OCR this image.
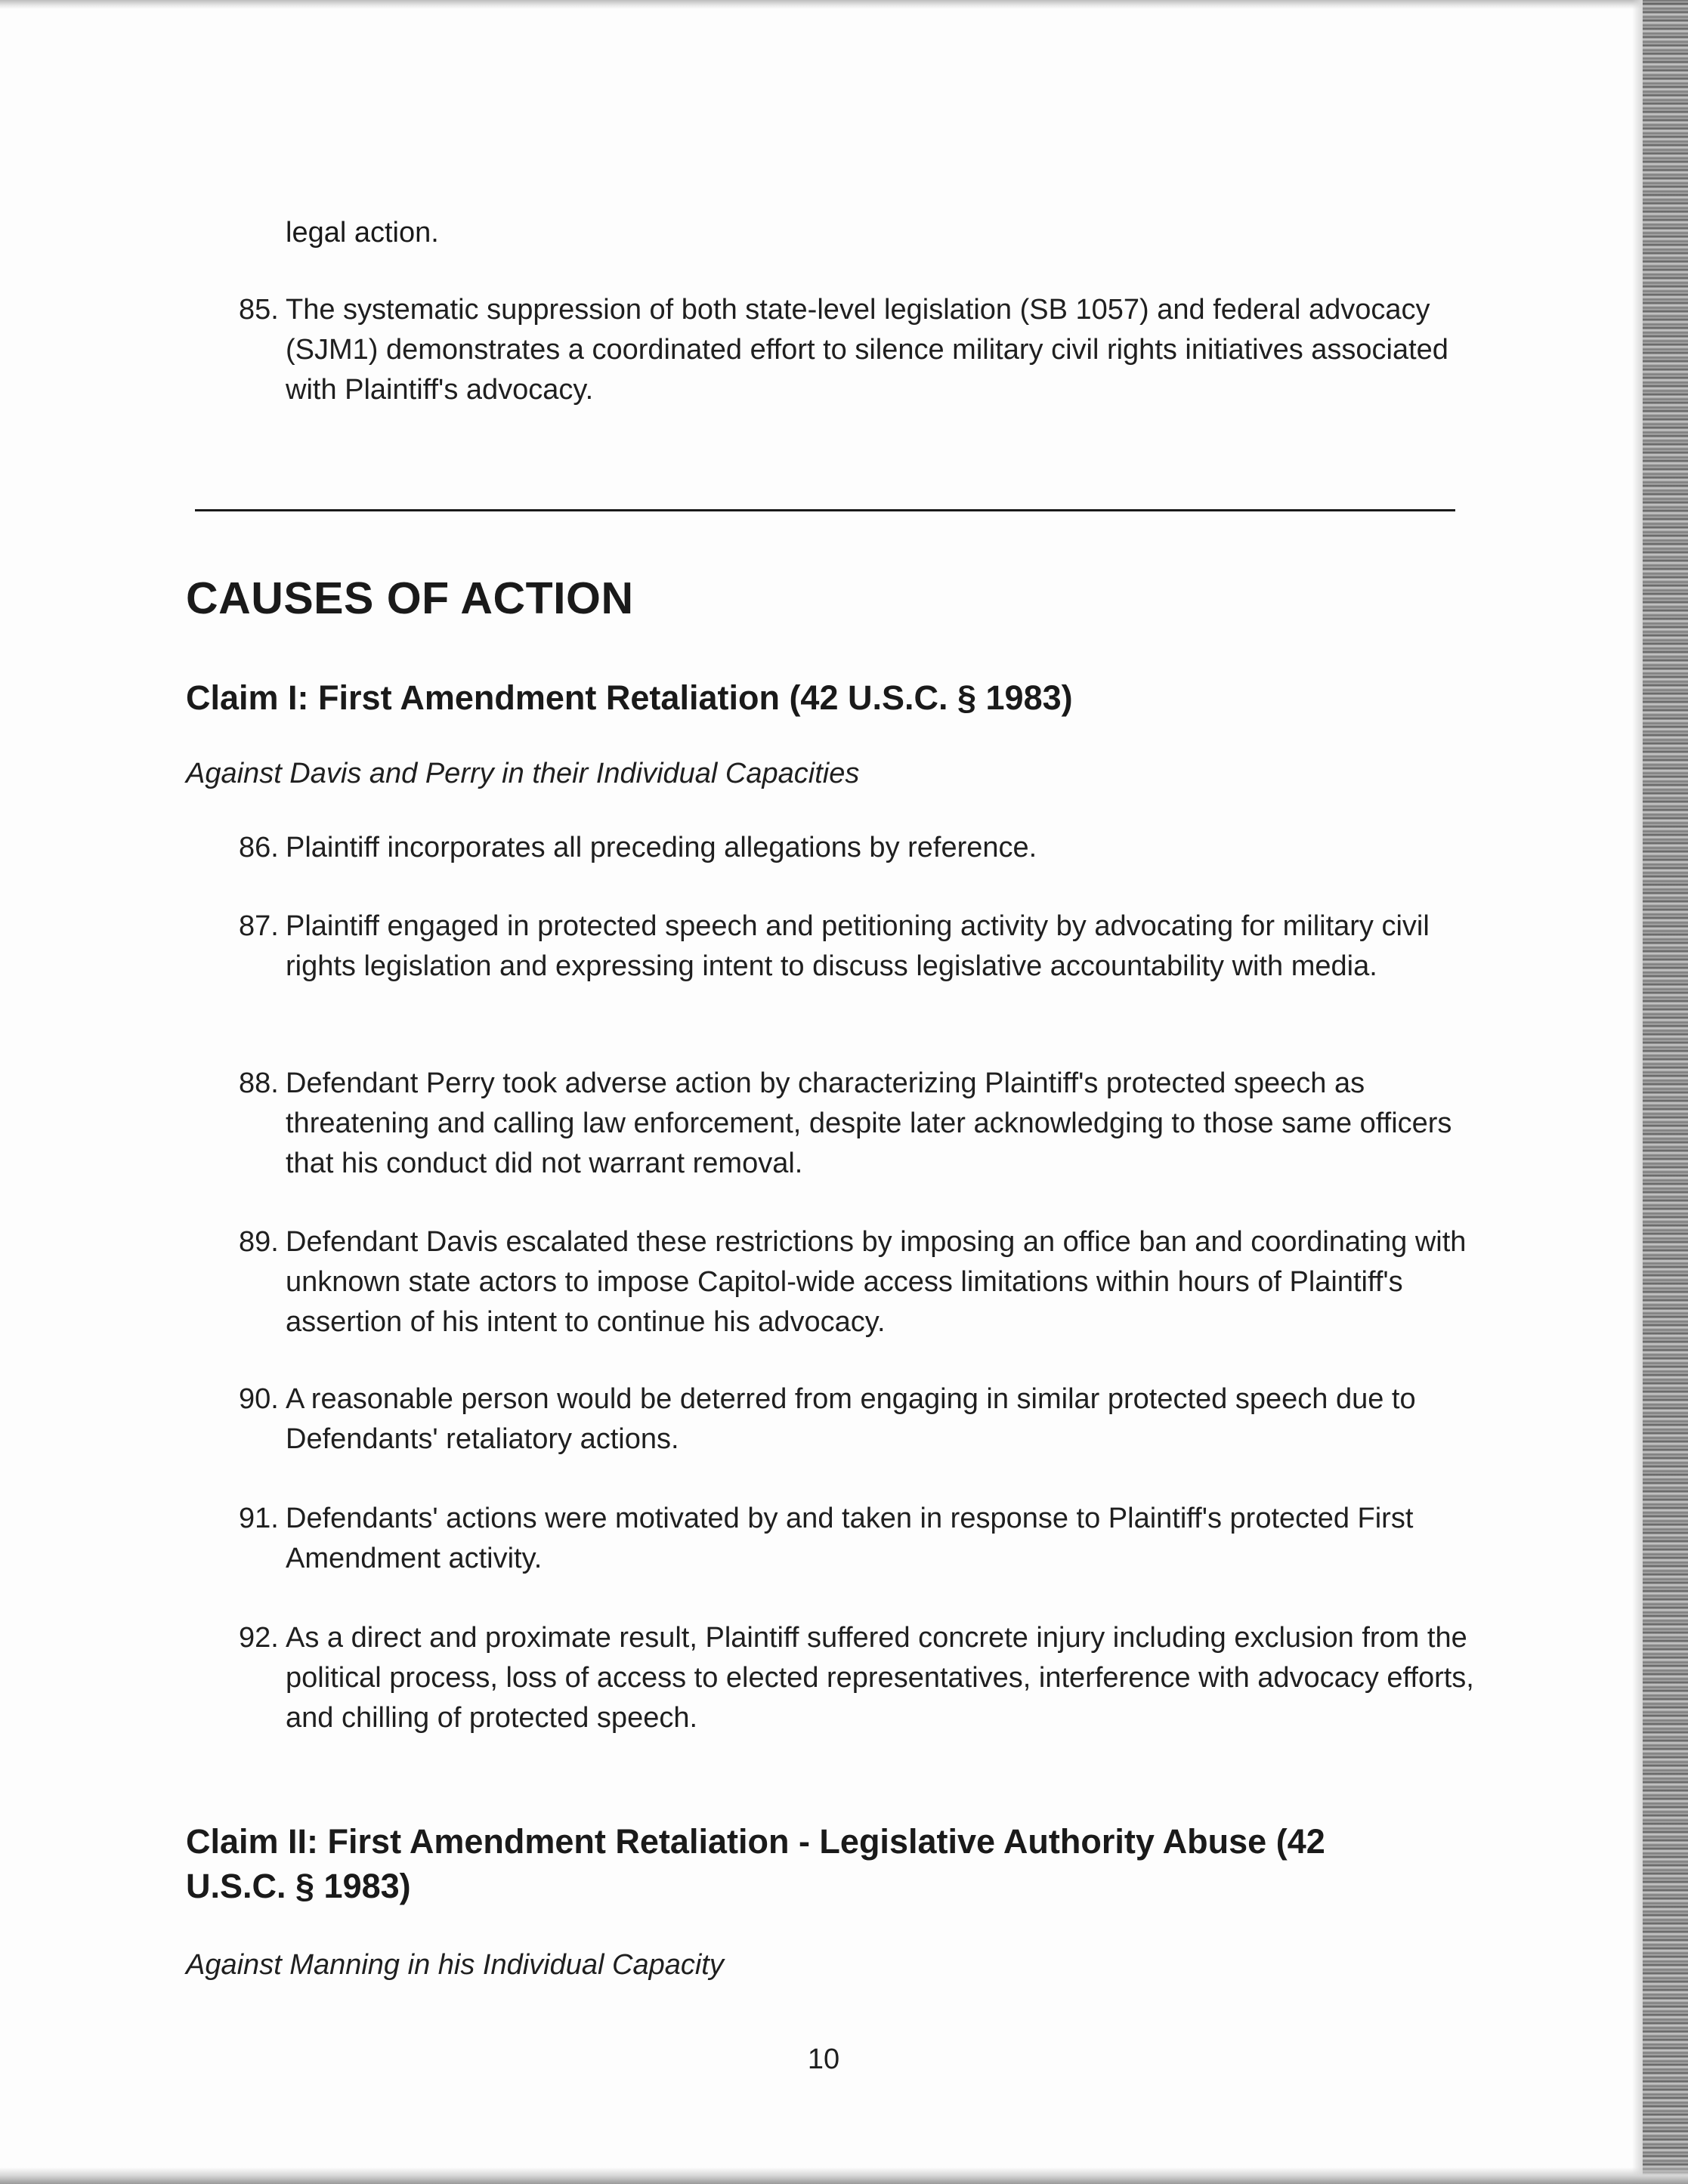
legal action.
85. The systematic suppression of both state-level legislation (SB 1057) and federal advocacy (SJM1) demonstrates a coordinated effort to silence military civil rights initiatives associated with Plaintiff's advocacy.
CAUSES OF ACTION
Claim I: First Amendment Retaliation (42 U.S.C. § 1983)
Against Davis and Perry in their Individual Capacities
86. Plaintiff incorporates all preceding allegations by reference.
87. Plaintiff engaged in protected speech and petitioning activity by advocating for military civil rights legislation and expressing intent to discuss legislative accountability with media.
88. Defendant Perry took adverse action by characterizing Plaintiff's protected speech as threatening and calling law enforcement, despite later acknowledging to those same officers that his conduct did not warrant removal.
89. Defendant Davis escalated these restrictions by imposing an office ban and coordinating with unknown state actors to impose Capitol-wide access limitations within hours of Plaintiff's assertion of his intent to continue his advocacy.
90. A reasonable person would be deterred from engaging in similar protected speech due to Defendants' retaliatory actions.
91. Defendants' actions were motivated by and taken in response to Plaintiff's protected First Amendment activity.
92. As a direct and proximate result, Plaintiff suffered concrete injury including exclusion from the political process, loss of access to elected representatives, interference with advocacy efforts, and chilling of protected speech.
Claim II: First Amendment Retaliation - Legislative Authority Abuse (42 U.S.C. § 1983)
Against Manning in his Individual Capacity
10
